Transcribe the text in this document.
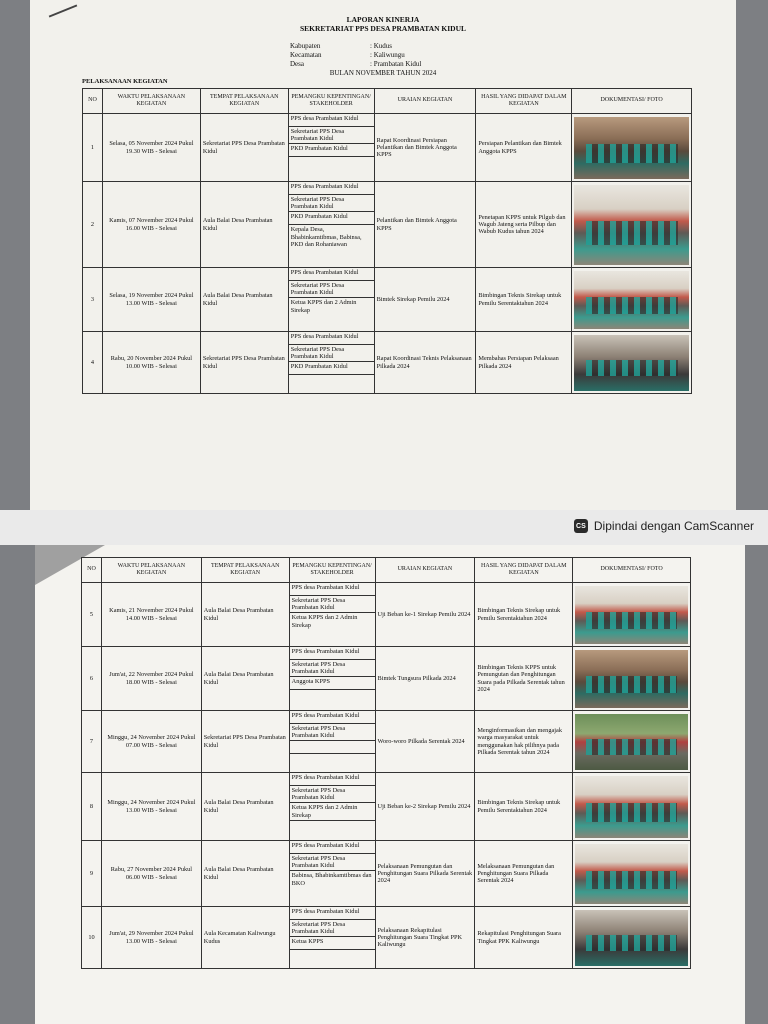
LAPORAN KINERJA
SEKRETARIAT PPS DESA PRAMBATAN KIDUL
Kabupaten	: Kudus
Kecamatan	: Kaliwungu
Desa	: Prambatan Kidul
BULAN NOVEMBER TAHUN 2024
PELAKSANAAN KEGIATAN
NO	WAKTU PELAKSANAAN KEGIATAN	TEMPAT PELAKSANAAN KEGIATAN	PEMANGKU KEPENTINGAN/ STAKEHOLDER	URAIAN KEGIATAN	HASIL YANG DIDAPAT DALAM KEGIATAN	DOKUMENTASI/ FOTO
1	Selasa, 05 November 2024 Pukul 19.30 WIB - Selesai	Sekretariat PPS Desa Prambatan Kidul	PPS desa Prambatan Kidul
Sekretariat PPS Desa Prambatan Kidul
PKD Prambatan Kidul	Rapat Koordinasi Persiapan Pelantikan dan Bimtek Anggota KPPS	Persiapan Pelantikan dan Bimtek Anggota KPPS	

2	Kamis, 07 November 2024 Pukul 16.00 WIB - Selesai	Aula Balai Desa Prambatan Kidul	PPS desa Prambatan Kidul
Sekretariat PPS Desa Prambatan Kidul
PKD Prambatan Kidul
Kepala Desa, Bhabinkamtibmas, Babinsa, PKD dan Rohaniawan	Pelantikan dan Bimtek Anggota KPPS	Penetapan KPPS untuk Pilgub dan Wagub Jateng serta Pilbup dan Wabub Kudus tahun 2024	

3	Selasa, 19 November 2024 Pukul 13.00 WIB - Selesai	Aula Balai Desa Prambatan Kidul	PPS desa Prambatan Kidul
Sekretariat PPS Desa Prambatan Kidul
Ketua KPPS dan 2 Admin Sirekap	Bimtek Sirekap Pemilu 2024	Bimbingan Teknis Sirekap untuk Pemilu Serentaktahun 2024	

4	Rabu, 20 November 2024 Pukul 10.00 WIB - Selesai	Sekretariat PPS Desa Prambatan Kidul	PPS desa Prambatan Kidul
Sekretariat PPS Desa Prambatan Kidul
PKD Prambatan Kidul	Rapat Koordinasi Teknis Pelaksanaan Pilkada 2024	Membahas Persiapan Pelaksaan Pilkada 2024	
CS Dipindai dengan CamScanner
NO	WAKTU PELAKSANAAN KEGIATAN	TEMPAT PELAKSANAAN KEGIATAN	PEMANGKU KEPENTINGAN/ STAKEHOLDER	URAIAN KEGIATAN	HASIL YANG DIDAPAT DALAM KEGIATAN	DOKUMENTASI/ FOTO
5	Kamis, 21 November 2024 Pukul 14.00 WIB - Selesai	Aula Balai Desa Prambatan Kidul	PPS desa Prambatan Kidul
Sekretariat PPS Desa Prambatan Kidul
Ketua KPPS dan 2 Admin Sirekap	Uji Beban ke-1 Sirekap Pemilu 2024	Bimbingan Teknis Sirekap untuk Pemilu Serentaktahun 2024	

6	Jum'at, 22 November 2024 Pukul 18.00 WIB - Selesai	Aula Balai Desa Prambatan Kidul	PPS desa Prambatan Kidul
Sekretariat PPS Desa Prambatan Kidul
Anggota KPPS	Bimtek Tungsura Pilkada 2024	Bimbingan Teknis KPPS untuk Pemungutan dan Penghitungan Suara pada Pilkada Serentak tahun 2024	

7	Minggu, 24 November 2024 Pukul 07.00 WIB - Selesai	Sekretariat PPS Desa Prambatan Kidul	PPS desa Prambatan Kidul
Sekretariat PPS Desa Prambatan Kidul	Woro-woro Pilkada Serentak 2024	Menginformasikan dan mengajak warga masyarakat untuk menggunakan hak pilihnya pada Pilkada Serentak tahun 2024	

8	Minggu, 24 November 2024 Pukul 13.00 WIB - Selesai	Aula Balai Desa Prambatan Kidul	PPS desa Prambatan Kidul
Sekretariat PPS Desa Prambatan Kidul
Ketua KPPS dan 2 Admin Sirekap	Uji Beban ke-2 Sirekap Pemilu 2024	Bimbingan Teknis Sirekap untuk Pemilu Serentaktahun 2024	

9	Rabu, 27 November 2024 Pukul 06.00 WIB - Selesai	Aula Balai Desa Prambatan Kidul	PPS desa Prambatan Kidul
Sekretariat PPS Desa Prambatan Kidul
Babinsa, Bhabinkamtibmas dan BKO	Pelaksanaan Pemungutan dan Penghitungan Suara Pilkada Serentak 2024	Melaksanaan Pemungutan dan Penghitungan Suara Pilkada Serentak 2024	

10	Jum'at, 29 November 2024 Pukul 13.00 WIB - Selesai	Aula Kecamatan Kaliwungu Kudus	PPS desa Prambatan Kidul
Sekretariat PPS Desa Prambatan Kidul
Ketua KPPS	Pelaksanaan Rekapitulasi Penghitungan Suara Tingkat PPK Kaliwungu	Rekapitulasi Penghitungan Suara Tingkat PPK Kaliwungu	
